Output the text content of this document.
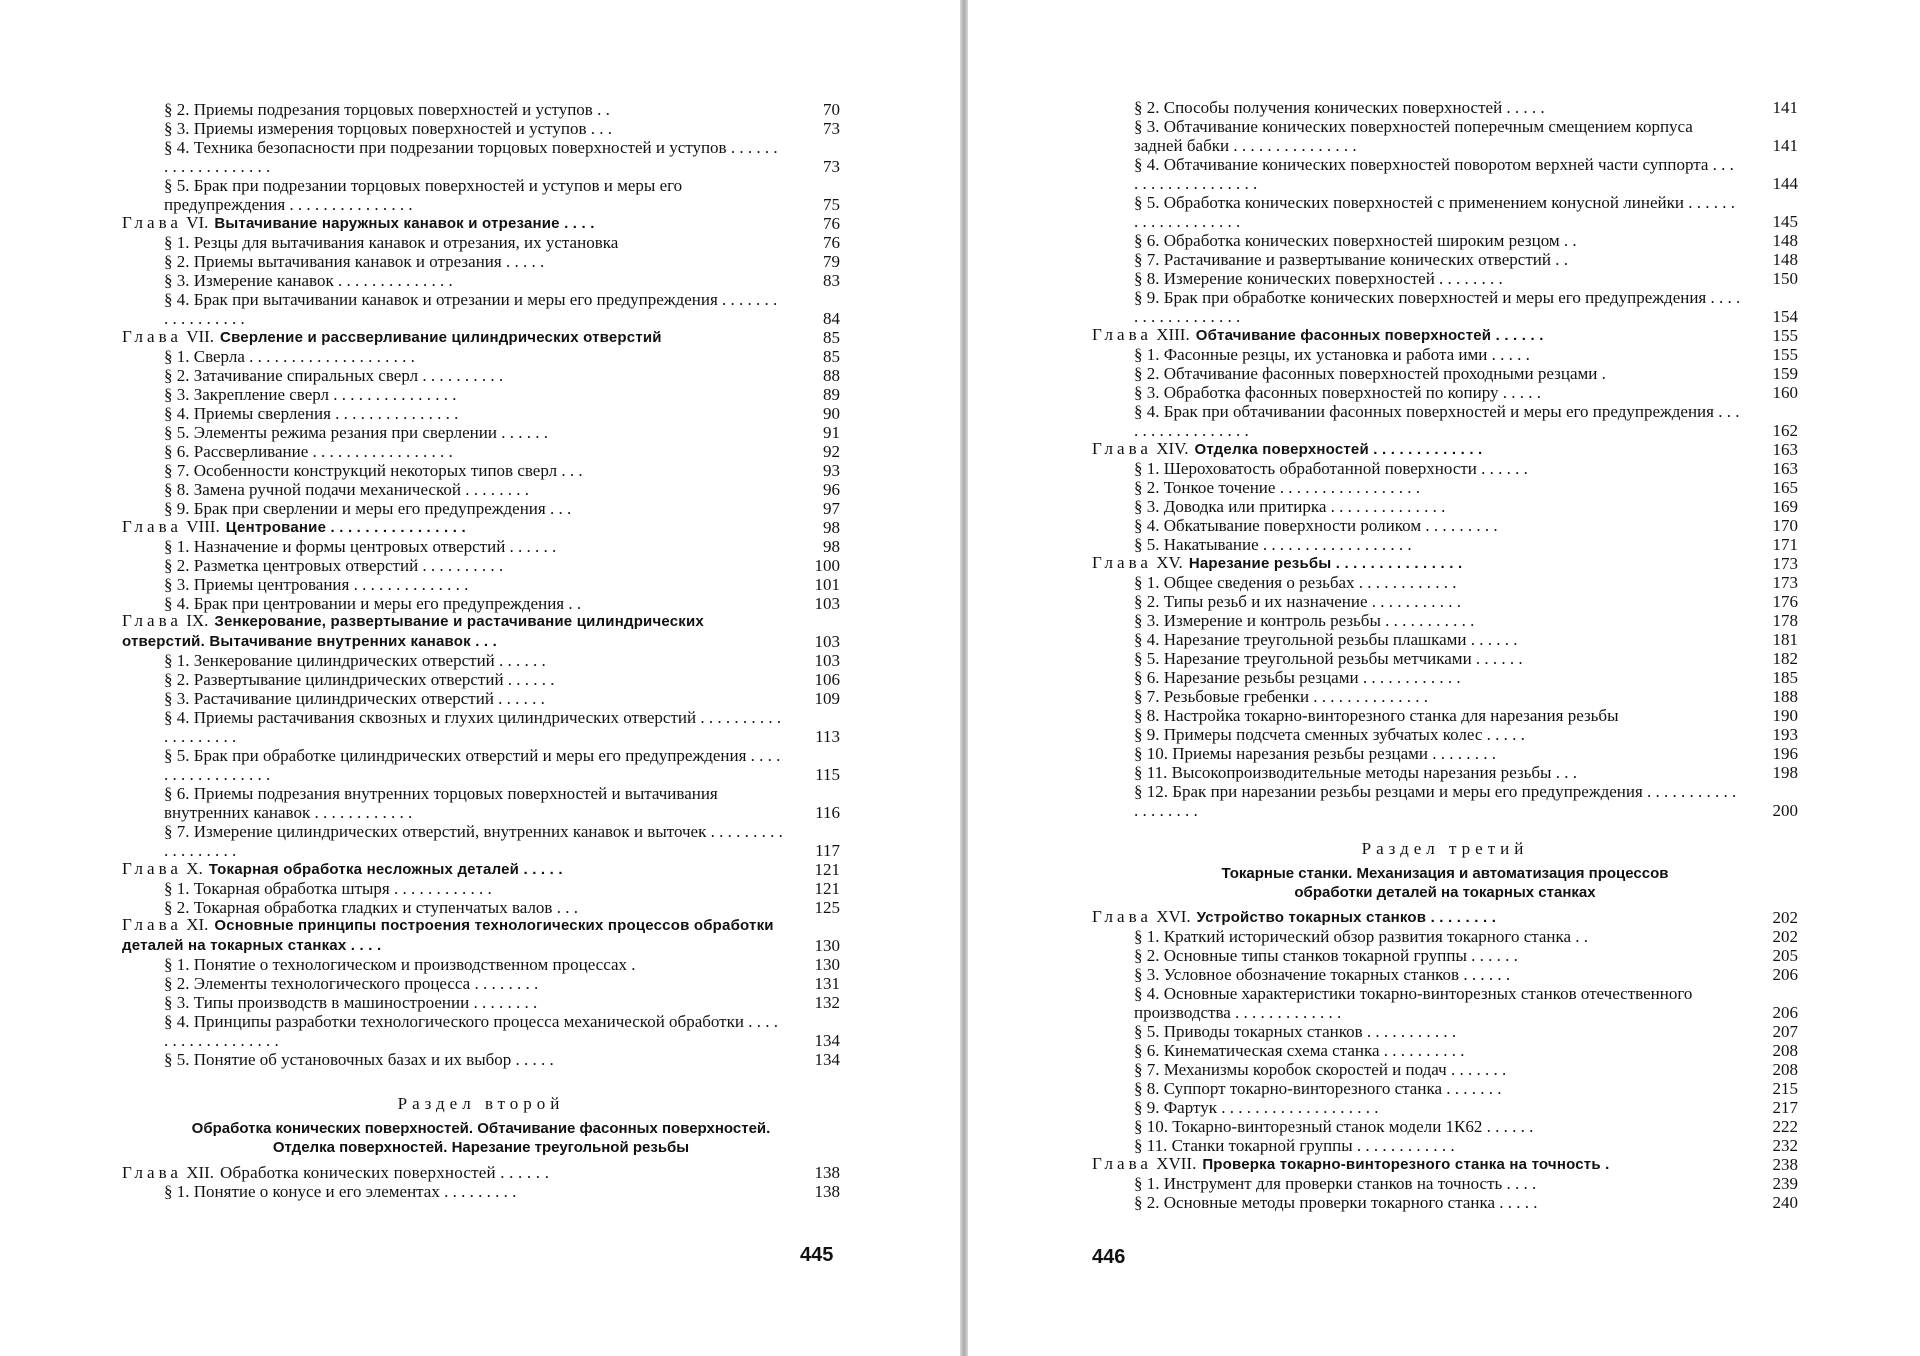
§ 2. Приемы подрезания торцовых поверхностей и уступов . .	70
§ 3. Приемы измерения торцовых поверхностей и уступов . . .	73
§ 4. Техника безопасности при подрезании торцовых поверхностей и уступов . . . . . . . . . . . . . . . . . . .	73
§ 5. Брак при подрезании торцовых поверхностей и уступов и меры его предупреждения . . . . . . . . . . . . . . .	75
Глава VI. Вытачивание наружных канавок и отрезание . . . .	76
§ 1. Резцы для вытачивания канавок и отрезания, их установка	76
§ 2. Приемы вытачивания канавок и отрезания . . . . .	79
§ 3. Измерение канавок . . . . . . . . . . . . . .	83
§ 4. Брак при вытачивании канавок и отрезании и меры его предупреждения . . . . . . . . . . . . . . . . .	84
Глава VII. Сверление и рассверливание цилиндрических отверстий	85
§ 1. Сверла . . . . . . . . . . . . . . . . . . . .	85
§ 2. Затачивание спиральных сверл . . . . . . . . . .	88
§ 3. Закрепление сверл . . . . . . . . . . . . . . .	89
§ 4. Приемы сверления . . . . . . . . . . . . . . .	90
§ 5. Элементы режима резания при сверлении . . . . . .	91
§ 6. Рассверливание . . . . . . . . . . . . . . . . .	92
§ 7. Особенности конструкций некоторых типов сверл . . .	93
§ 8. Замена ручной подачи механической . . . . . . . .	96
§ 9. Брак при сверлении и меры его предупреждения . . .	97
Глава VIII. Центрование . . . . . . . . . . . . . . . .	98
§ 1. Назначение и формы центровых отверстий . . . . . .	98
§ 2. Разметка центровых отверстий . . . . . . . . . .	100
§ 3. Приемы центрования . . . . . . . . . . . . . .	101
§ 4. Брак при центровании и меры его предупреждения . .	103
Глава IX. Зенкерование, развертывание и растачивание цилиндрических отверстий. Вытачивание внутренних канавок . . .	103
§ 1. Зенкерование цилиндрических отверстий . . . . . .	103
§ 2. Развертывание цилиндрических отверстий . . . . . .	106
§ 3. Растачивание цилиндрических отверстий . . . . . .	109
§ 4. Приемы растачивания сквозных и глухих цилиндрических отверстий . . . . . . . . . . . . . . . . . . .	113
§ 5. Брак при обработке цилиндрических отверстий и меры его предупреждения . . . . . . . . . . . . . . . . .	115
§ 6. Приемы подрезания внутренних торцовых поверхностей и вытачивания внутренних канавок . . . . . . . . . . . .	116
§ 7. Измерение цилиндрических отверстий, внутренних канавок и выточек . . . . . . . . . . . . . . . . . .	117
Глава X. Токарная обработка несложных деталей . . . . .	121
§ 1. Токарная обработка штыря . . . . . . . . . . . .	121
§ 2. Токарная обработка гладких и ступенчатых валов . . .	125
Глава XI. Основные принципы построения технологических процессов обработки деталей на токарных станках . . . .	130
§ 1. Понятие о технологическом и производственном процессах .	130
§ 2. Элементы технологического процесса . . . . . . . .	131
§ 3. Типы производств в машиностроении . . . . . . . .	132
§ 4. Принципы разработки технологического процесса механической обработки . . . . . . . . . . . . . . . . . .	134
§ 5. Понятие об установочных базах и их выбор . . . . .	134
Раздел второй
Обработка конических поверхностей. Обтачивание фасонных поверхностей.
Отделка поверхностей. Нарезание треугольной резьбы
Глава XII. Обработка конических поверхностей . . . . . .	138
§ 1. Понятие о конусе и его элементах . . . . . . . . .	138
445
§ 2. Способы получения конических поверхностей . . . . .	141
§ 3. Обтачивание конических поверхностей поперечным смещением корпуса задней бабки . . . . . . . . . . . . . . .	141
§ 4. Обтачивание конических поверхностей поворотом верхней части суппорта . . . . . . . . . . . . . . . . . .	144
§ 5. Обработка конических поверхностей с применением конусной линейки . . . . . . . . . . . . . . . . . . .	145
§ 6. Обработка конических поверхностей широким резцом . .	148
§ 7. Растачивание и развертывание конических отверстий . .	148
§ 8. Измерение конических поверхностей . . . . . . . .	150
§ 9. Брак при обработке конических поверхностей и меры его предупреждения . . . . . . . . . . . . . . . . .	154
Глава XIII. Обтачивание фасонных поверхностей . . . . . .	155
§ 1. Фасонные резцы, их установка и работа ими . . . . .	155
§ 2. Обтачивание фасонных поверхностей проходными резцами .	159
§ 3. Обработка фасонных поверхностей по копиру . . . . .	160
§ 4. Брак при обтачивании фасонных поверхностей и меры его предупреждения . . . . . . . . . . . . . . . . .	162
Глава XIV. Отделка поверхностей . . . . . . . . . . . . .	163
§ 1. Шероховатость обработанной поверхности . . . . . .	163
§ 2. Тонкое точение . . . . . . . . . . . . . . . . .	165
§ 3. Доводка или притирка . . . . . . . . . . . . . .	169
§ 4. Обкатывание поверхности роликом . . . . . . . . .	170
§ 5. Накатывание . . . . . . . . . . . . . . . . . .	171
Глава XV. Нарезание резьбы . . . . . . . . . . . . . . .	173
§ 1. Общее сведения о резьбах . . . . . . . . . . . .	173
§ 2. Типы резьб и их назначение . . . . . . . . . . .	176
§ 3. Измерение и контроль резьбы . . . . . . . . . . .	178
§ 4. Нарезание треугольной резьбы плашками . . . . . .	181
§ 5. Нарезание треугольной резьбы метчиками . . . . . .	182
§ 6. Нарезание резьбы резцами . . . . . . . . . . . .	185
§ 7. Резьбовые гребенки . . . . . . . . . . . . . .	188
§ 8. Настройка токарно-винторезного станка для нарезания резьбы	190
§ 9. Примеры подсчета сменных зубчатых колес . . . . .	193
§ 10. Приемы нарезания резьбы резцами . . . . . . . .	196
§ 11. Высокопроизводительные методы нарезания резьбы . . .	198
§ 12. Брак при нарезании резьбы резцами и меры его предупреждения . . . . . . . . . . . . . . . . . . .	200
Раздел третий
Токарные станки. Механизация и автоматизация процессов
обработки деталей на токарных станках
Глава XVI. Устройство токарных станков . . . . . . . .	202
§ 1. Краткий исторический обзор развития токарного станка . .	202
§ 2. Основные типы станков токарной группы . . . . . .	205
§ 3. Условное обозначение токарных станков . . . . . .	206
§ 4. Основные характеристики токарно-винторезных станков отечественного производства . . . . . . . . . . . . .	206
§ 5. Приводы токарных станков . . . . . . . . . . .	207
§ 6. Кинематическая схема станка . . . . . . . . . .	208
§ 7. Механизмы коробок скоростей и подач . . . . . . .	208
§ 8. Суппорт токарно-винторезного станка . . . . . . .	215
§ 9. Фартук . . . . . . . . . . . . . . . . . . .	217
§ 10. Токарно-винторезный станок модели 1К62 . . . . . .	222
§ 11. Станки токарной группы . . . . . . . . . . . .	232
Глава XVII. Проверка токарно-винторезного станка на точность .	238
§ 1. Инструмент для проверки станков на точность . . . .	239
§ 2. Основные методы проверки токарного станка . . . . .	240
446
